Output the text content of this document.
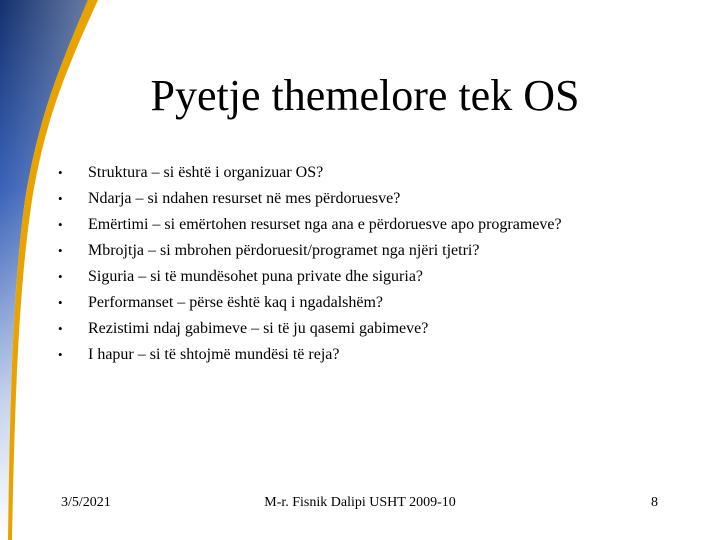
Pyetje themelore tek OS
• Struktura – si është i organizuar OS?
• Ndarja – si ndahen resurset në mes përdoruesve?
• Emërtimi – si emërtohen resurset nga ana e përdoruesve apo programeve?
• Mbrojtja – si mbrohen përdoruesit/programet nga njëri tjetri?
• Siguria – si të mundësohet puna private dhe siguria?
• Performanset – përse është kaq i ngadalshëm?
• Rezistimi ndaj gabimeve – si të ju qasemi gabimeve?
• I hapur – si të shtojmë mundësi të reja?
3/5/2021	M-r. Fisnik Dalipi USHT 2009-10	8
